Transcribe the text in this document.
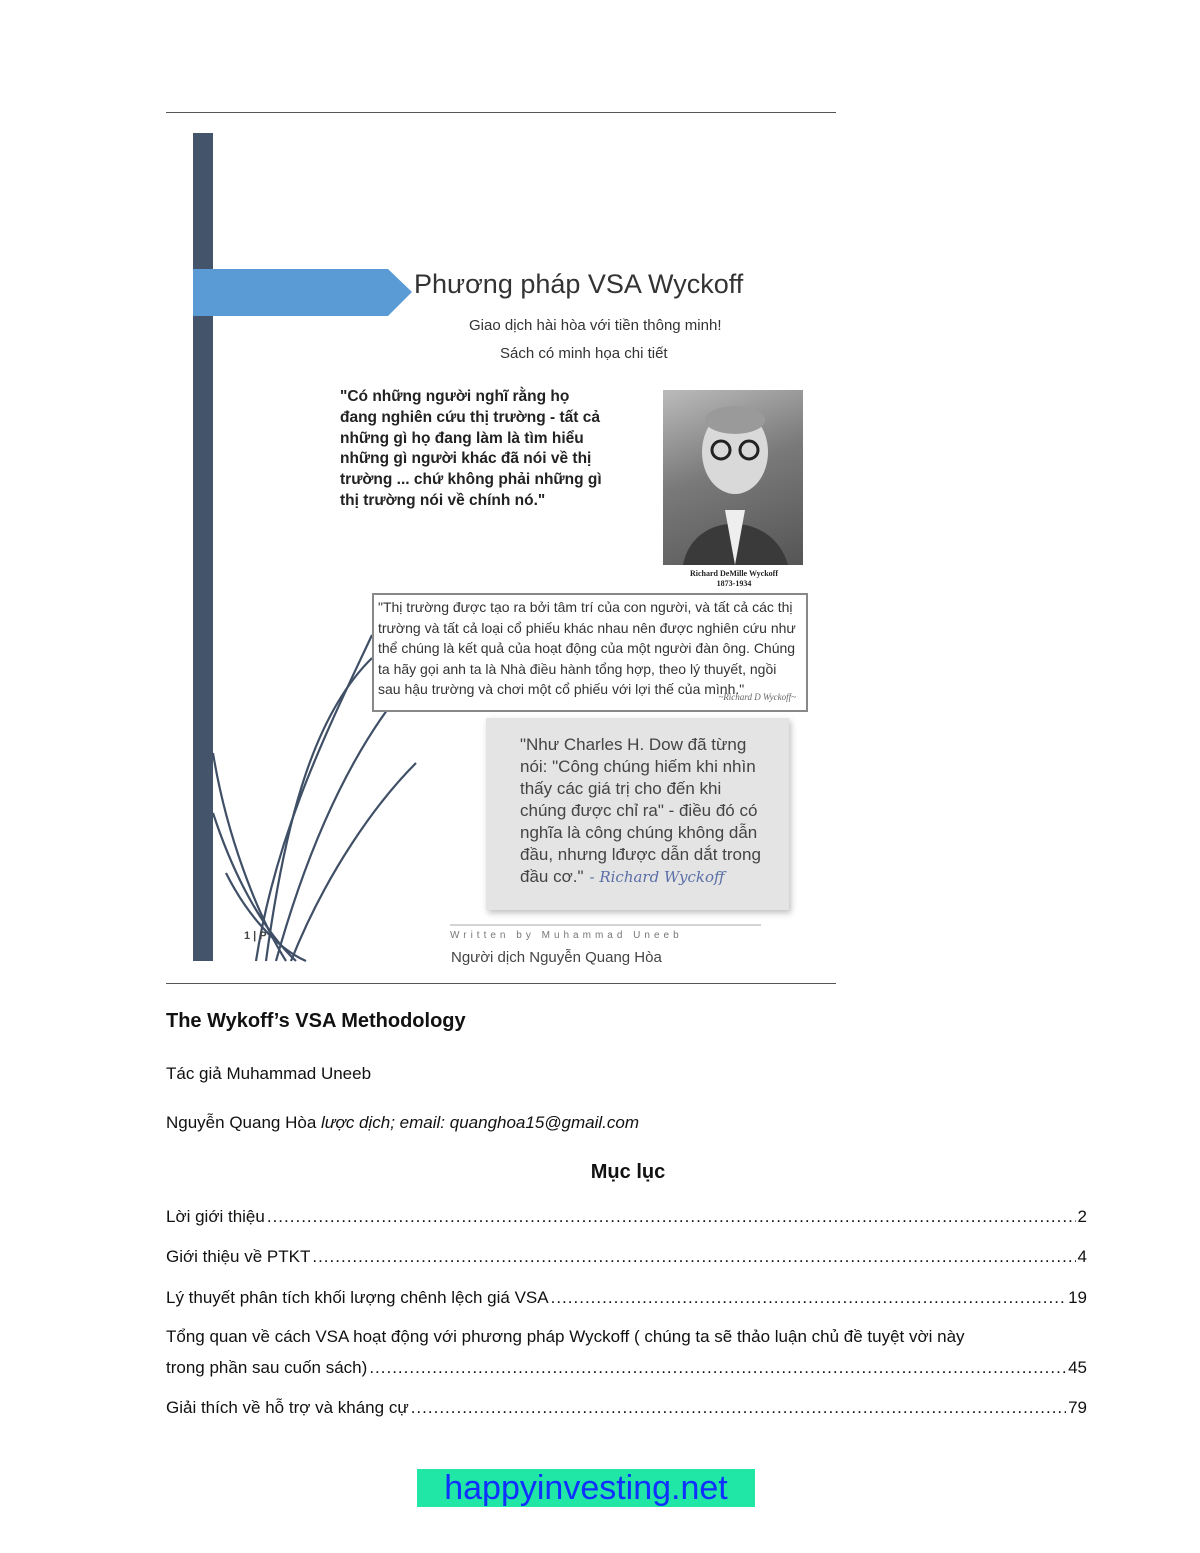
Phương pháp VSA Wyckoff
Giao dịch hài hòa với tiền thông minh!
Sách có minh họa chi tiết
"Có những người nghĩ rằng họ đang nghiên cứu thị trường - tất cả những gì họ đang làm là tìm hiểu những gì người khác đã nói về thị trường ... chứ không phải những gì thị trường nói về chính nó."
Richard DeMille Wyckoff
1873-1934
"Thị trường được tạo ra bởi tâm trí của con người, và tất cả các thị trường và tất cả loại cổ phiếu khác nhau nên được nghiên cứu như thể chúng là kết quả của hoạt động của một người đàn ông. Chúng ta hãy gọi anh ta là Nhà điều hành tổng hợp, theo lý thuyết, ngồi sau hậu trường và chơi một cổ phiếu với lợi thế của mình."
~Richard D Wyckoff~
"Như Charles H. Dow đã từng nói: "Công chúng hiếm khi nhìn thấy các giá trị cho đến khi chúng được chỉ ra" - điều đó có nghĩa là công chúng không dẫn đầu, nhưng lđược dẫn dắt trong đầu cơ." - Richard Wyckoff
1 | P	Written by Muhammad Uneeb
Người dịch Nguyễn Quang Hòa
The Wykoff’s VSA Methodology
Tác giả Muhammad Uneeb
Nguyễn Quang Hòa lược dịch; email: quanghoa15@gmail.com
Mục lục
Lời giới thiệu .....	2
Giới thiệu về PTKT .....	4
Lý thuyết phân tích khối lượng chênh lệch giá VSA .....	19
Tổng quan về cách VSA hoạt động với phương pháp Wyckoff ( chúng ta sẽ thảo luận chủ đề tuyệt vời này
trong phần sau cuốn sách) .....	45
Giải thích về hỗ trợ và kháng cự .....	79
happyinvesting.net
